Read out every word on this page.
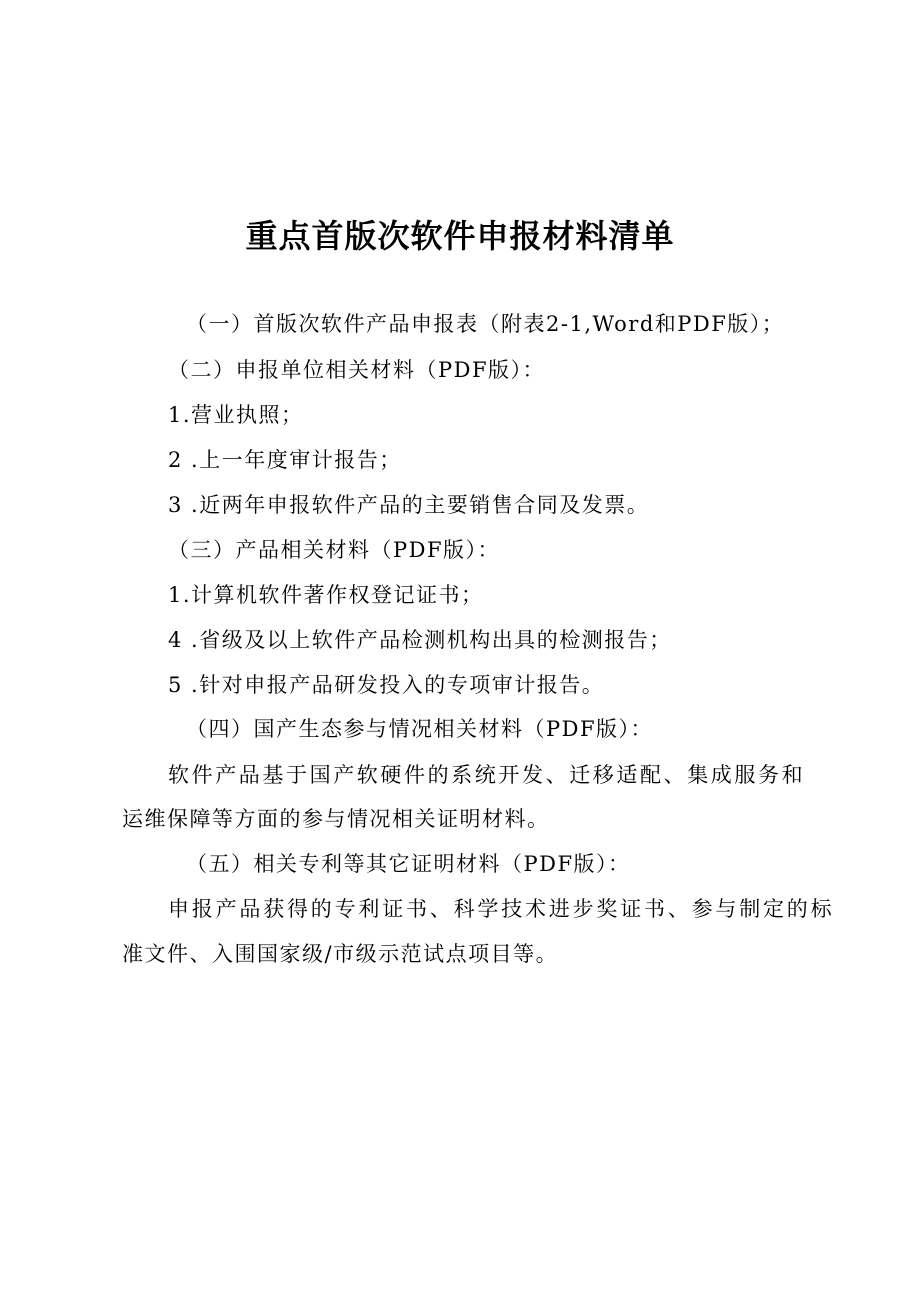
重点首版次软件申报材料清单
（一）首版次软件产品申报表（附表2-1,Word和PDF版）；
（二）申报单位相关材料（PDF版）：
1.营业执照；
2 .上一年度审计报告；
3 .近两年申报软件产品的主要销售合同及发票。
（三）产品相关材料（PDF版）：
1.计算机软件著作权登记证书；
4 .省级及以上软件产品检测机构出具的检测报告；
5 .针对申报产品研发投入的专项审计报告。
（四）国产生态参与情况相关材料（PDF版）：
软件产品基于国产软硬件的系统开发、迁移适配、集成服务和
运维保障等方面的参与情况相关证明材料。
（五）相关专利等其它证明材料（PDF版）：
申报产品获得的专利证书、科学技术进步奖证书、参与制定的标
准文件、入围国家级/市级示范试点项目等。
